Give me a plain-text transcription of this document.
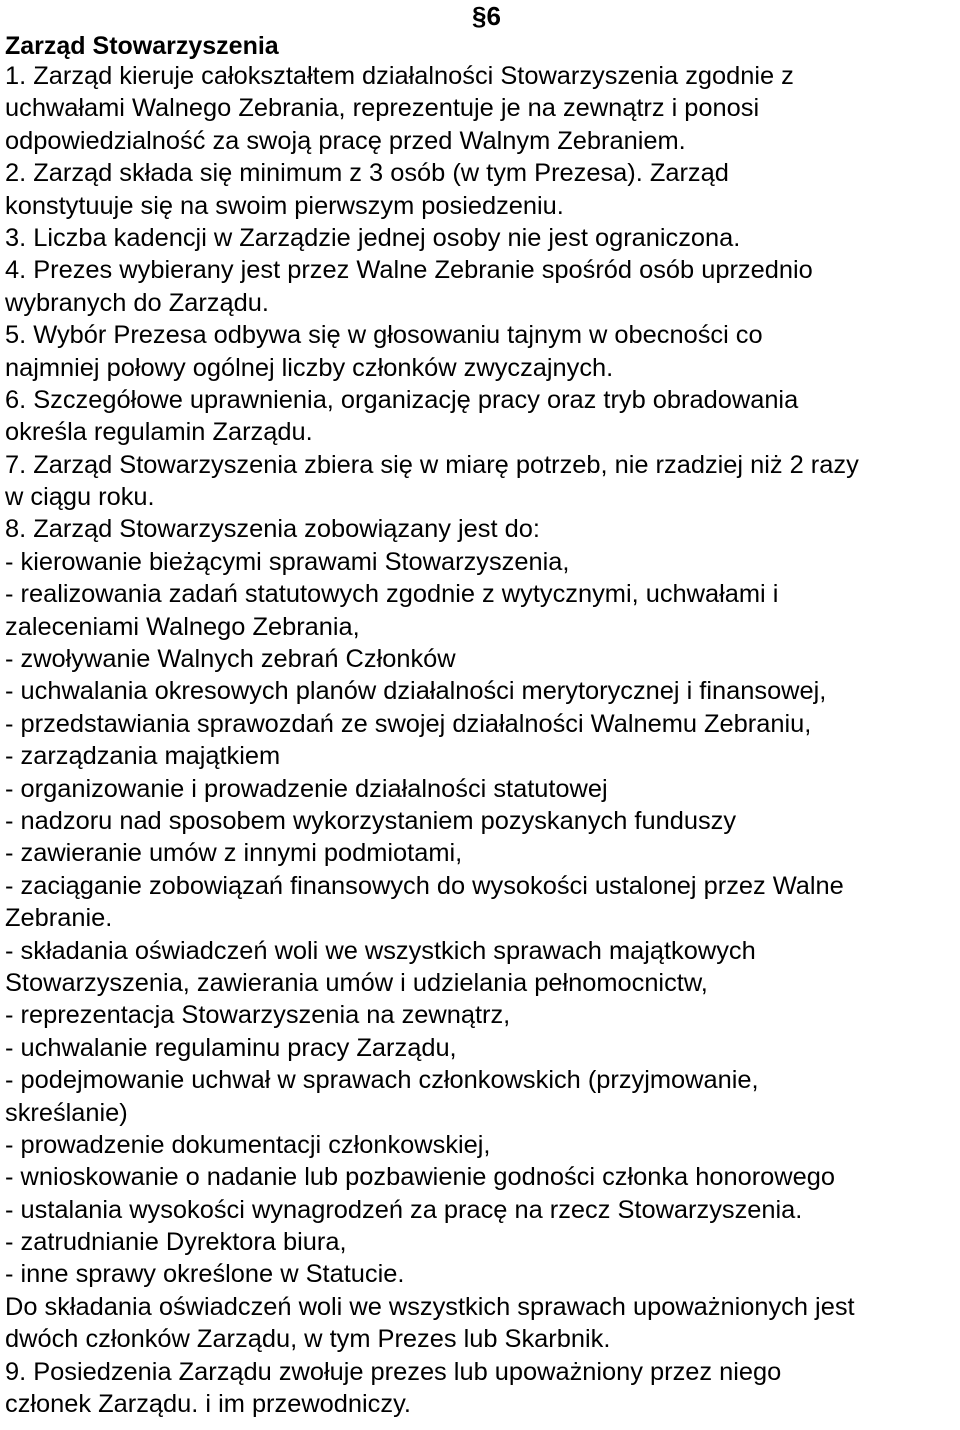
§6
Zarząd Stowarzyszenia
1. Zarząd kieruje całokształtem działalności Stowarzyszenia zgodnie z
uchwałami Walnego Zebrania, reprezentuje je na zewnątrz i ponosi
odpowiedzialność za swoją pracę przed Walnym Zebraniem.
2. Zarząd składa się minimum z 3 osób (w tym Prezesa). Zarząd
konstytuuje się na swoim pierwszym posiedzeniu.
3. Liczba kadencji w Zarządzie jednej osoby nie jest ograniczona.
4. Prezes wybierany jest przez Walne Zebranie spośród osób uprzednio
wybranych do Zarządu.
5. Wybór Prezesa odbywa się w głosowaniu tajnym w obecności co
najmniej połowy ogólnej liczby członków zwyczajnych.
6. Szczegółowe uprawnienia, organizację pracy oraz tryb obradowania
określa regulamin Zarządu.
7. Zarząd Stowarzyszenia zbiera się w miarę potrzeb, nie rzadziej niż 2 razy
w ciągu roku.
8. Zarząd Stowarzyszenia zobowiązany jest do:
- kierowanie bieżącymi sprawami Stowarzyszenia,
- realizowania zadań statutowych zgodnie z wytycznymi, uchwałami i
zaleceniami Walnego Zebrania,
- zwoływanie Walnych zebrań Członków
- uchwalania okresowych planów działalności merytorycznej i finansowej,
- przedstawiania sprawozdań ze swojej działalności Walnemu Zebraniu,
- zarządzania majątkiem
- organizowanie i prowadzenie działalności statutowej
- nadzoru nad sposobem wykorzystaniem pozyskanych funduszy
- zawieranie umów z innymi podmiotami,
- zaciąganie zobowiązań finansowych do wysokości ustalonej przez Walne
Zebranie.
- składania oświadczeń woli we wszystkich sprawach majątkowych
Stowarzyszenia, zawierania umów i udzielania pełnomocnictw,
- reprezentacja Stowarzyszenia na zewnątrz,
- uchwalanie regulaminu pracy Zarządu,
- podejmowanie uchwał w sprawach członkowskich (przyjmowanie,
skreślanie)
- prowadzenie dokumentacji członkowskiej,
- wnioskowanie o nadanie lub pozbawienie godności członka honorowego
- ustalania wysokości wynagrodzeń za pracę na rzecz Stowarzyszenia.
- zatrudnianie Dyrektora biura,
- inne sprawy określone w Statucie.
Do składania oświadczeń woli we wszystkich sprawach upoważnionych jest
dwóch członków Zarządu, w tym Prezes lub Skarbnik.
9. Posiedzenia Zarządu zwołuje prezes lub upoważniony przez niego
członek Zarządu. i im przewodniczy.
